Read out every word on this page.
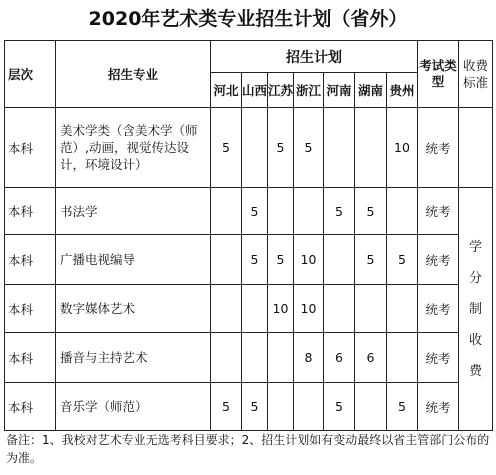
2020年艺术类专业招生计划（省外）
层次	招生专业	招生计划							考试类型	收费标准
		河北	山西	江苏	浙江	河南	湖南	贵州		
本科	美术学类（含美术学（师范）,动画，视觉传达设计，环境设计）	5		5	5			10	统考	
本科	书法学		5			5	5		统考	学分制收费
本科	广播电视编导		5	5	10		5	5	统考	
本科	数字媒体艺术			10	10				统考	
本科	播音与主持艺术				8	6	6		统考	
本科	音乐学（师范）	5	5			5		5	统考	
备注：1、我校对艺术专业无选考科目要求；2、招生计划如有变动最终以省主管部门公布的为准。
